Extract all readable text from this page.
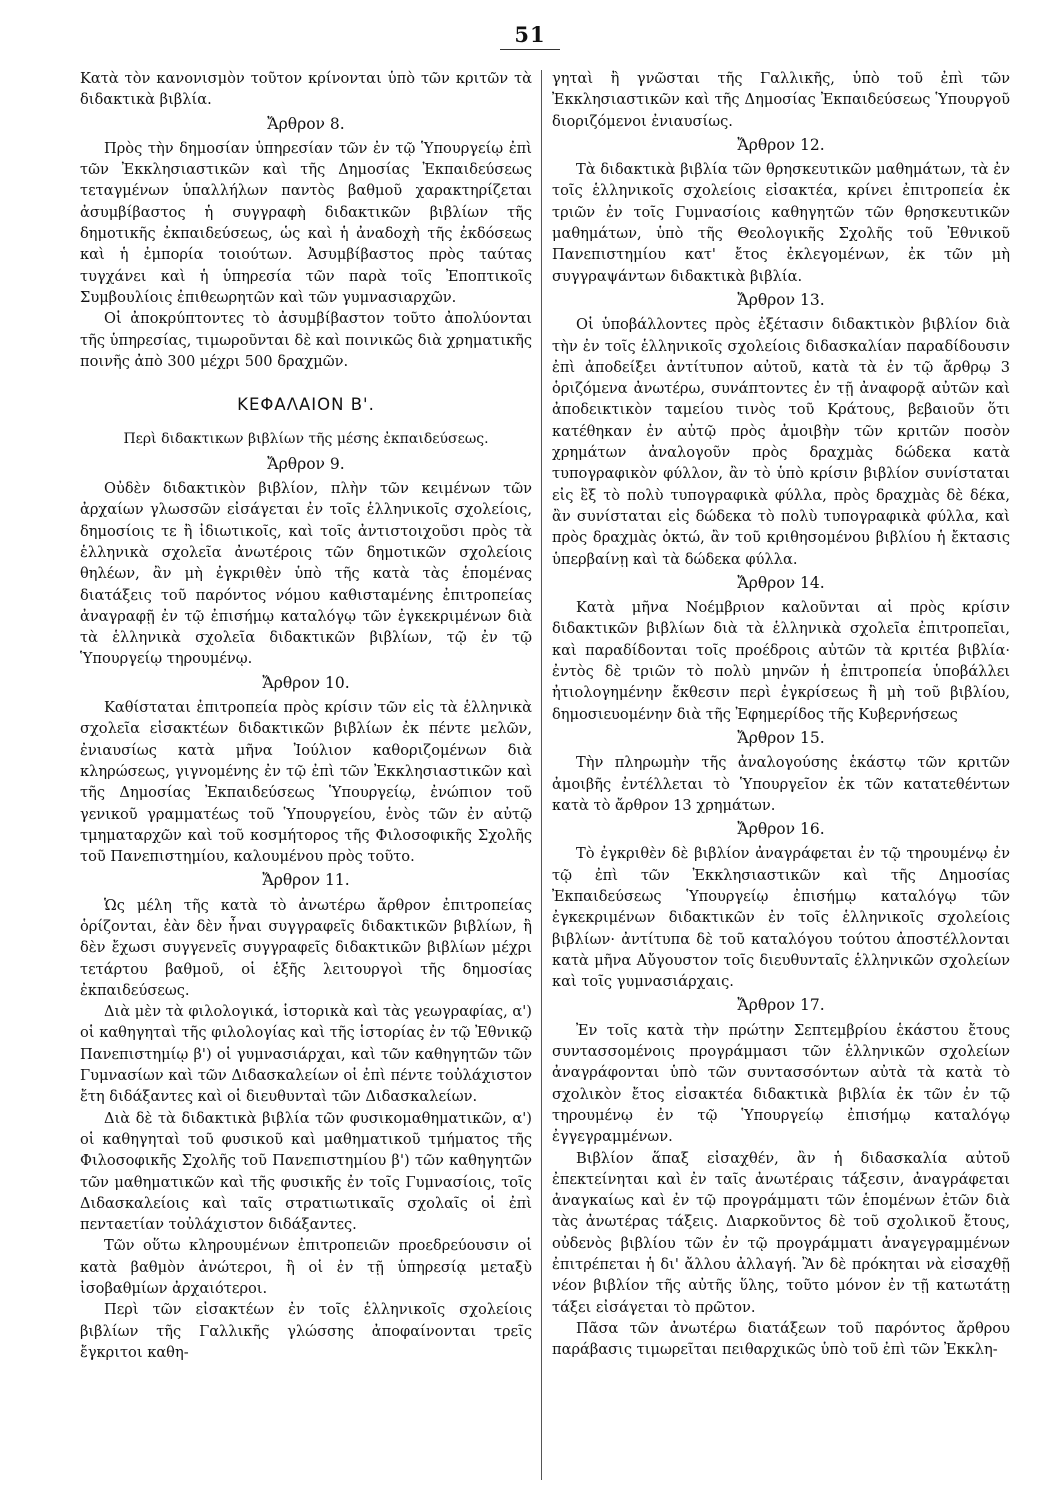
51

Κατὰ τὸν κανονισμὸν τοῦτον κρίνονται ὑπὸ τῶν κριτῶν τὰ διδακτικὰ βιβλία.

Ἄρθρον 8.

Πρὸς τὴν δημοσίαν ὑπηρεσίαν τῶν ἐν τῷ Ὑπουργείῳ ἐπὶ τῶν Ἐκκλησιαστικῶν καὶ τῆς Δημοσίας Ἐκπαιδεύσεως τεταγμένων ὑπαλλήλων παντὸς βαθμοῦ χαρακτηρίζεται ἀσυμβίβαστος ἡ συγγραφὴ διδακτικῶν βιβλίων τῆς δημοτικῆς ἐκπαιδεύσεως, ὡς καὶ ἡ ἀναδοχὴ τῆς ἐκδόσεως καὶ ἡ ἐμπορία τοιούτων. Ἀσυμβίβαστος πρὸς ταύτας τυγχάνει καὶ ἡ ὑπηρεσία τῶν παρὰ τοῖς Ἐποπτικοῖς Συμβουλίοις ἐπιθεωρητῶν καὶ τῶν γυμνασιαρχῶν.

Οἱ ἀποκρύπτοντες τὸ ἀσυμβίβαστον τοῦτο ἀπολύονται τῆς ὑπηρεσίας, τιμωροῦνται δὲ καὶ ποινικῶς διὰ χρηματικῆς ποινῆς ἀπὸ 300 μέχρι 500 δραχμῶν.

ΚΕΦΑΛΑΙΟΝ Β'.
Περὶ διδακτικων βιβλίων τῆς μέσης ἐκπαιδεύσεως.
Ἄρθρον 9.

Οὐδὲν διδακτικὸν βιβλίον, πλὴν τῶν κειμένων τῶν ἀρχαίων γλωσσῶν εἰσάγεται ἐν τοῖς ἑλληνικοῖς σχολείοις, δημοσίοις τε ἢ ἰδιωτικοῖς, καὶ τοῖς ἀντιστοιχοῦσι πρὸς τὰ ἑλληνικὰ σχολεῖα ἀνωτέροις τῶν δημοτικῶν σχολείοις θηλέων, ἂν μὴ ἐγκριθὲν ὑπὸ τῆς κατὰ τὰς ἑπομένας διατάξεις τοῦ παρόντος νόμου καθισταμένης ἐπιτροπείας ἀναγραφῇ ἐν τῷ ἐπισήμῳ καταλόγῳ τῶν ἐγκεκριμένων διὰ τὰ ἑλληνικὰ σχολεῖα διδακτικῶν βιβλίων, τῷ ἐν τῷ Ὑπουργείῳ τηρουμένῳ.

Ἄρθρον 10.

Καθίσταται ἐπιτροπεία πρὸς κρίσιν τῶν εἰς τὰ ἑλληνικὰ σχολεῖα εἰσακτέων διδακτικῶν βιβλίων ἐκ πέντε μελῶν, ἐνιαυσίως κατὰ μῆνα Ἰούλιον καθοριζομένων διὰ κληρώσεως, γιγνομένης ἐν τῷ ἐπὶ τῶν Ἐκκλησιαστικῶν καὶ τῆς Δημοσίας Ἐκπαιδεύσεως Ὑπουργείῳ, ἐνώπιον τοῦ γενικοῦ γραμματέως τοῦ Ὑπουργείου, ἑνὸς τῶν ἐν αὐτῷ τμηματαρχῶν καὶ τοῦ κοσμήτορος τῆς Φιλοσοφικῆς Σχολῆς τοῦ Πανεπιστημίου, καλουμένου πρὸς τοῦτο.

Ἄρθρον 11.

Ὡς μέλη τῆς κατὰ τὸ ἀνωτέρω ἄρθρον ἐπιτροπείας ὁρίζονται, ἐὰν δὲν ἦναι συγγραφεῖς διδακτικῶν βιβλίων, ἢ δὲν ἔχωσι συγγενεῖς συγγραφεῖς διδακτικῶν βιβλίων μέχρι τετάρτου βαθμοῦ, οἱ ἑξῆς λειτουργοὶ τῆς δημοσίας ἐκπαιδεύσεως.

Διὰ μὲν τὰ φιλολογικά, ἱστορικὰ καὶ τὰς γεωγραφίας, α') οἱ καθηγηταὶ τῆς φιλολογίας καὶ τῆς ἱστορίας ἐν τῷ Ἐθνικῷ Πανεπιστημίῳ β') οἱ γυμνασιάρχαι, καὶ τῶν καθηγητῶν τῶν Γυμνασίων καὶ τῶν Διδασκαλείων οἱ ἐπὶ πέντε τοὐλάχιστον ἔτη διδάξαντες καὶ οἱ διευθυνταὶ τῶν Διδασκαλείων.

Διὰ δὲ τὰ διδακτικὰ βιβλία τῶν φυσικομαθηματικῶν, α') οἱ καθηγηταὶ τοῦ φυσικοῦ καὶ μαθηματικοῦ τμήματος τῆς Φιλοσοφικῆς Σχολῆς τοῦ Πανεπιστημίου β') τῶν καθηγητῶν τῶν μαθηματικῶν καὶ τῆς φυσικῆς ἐν τοῖς Γυμνασίοις, τοῖς Διδασκαλείοις καὶ ταῖς στρατιωτικαῖς σχολαῖς οἱ ἐπὶ πενταετίαν τοὐλάχιστον διδάξαντες.

Τῶν οὕτω κληρουμένων ἐπιτροπειῶν προεδρεύουσιν οἱ κατὰ βαθμὸν ἀνώτεροι, ἢ οἱ ἐν τῇ ὑπηρεσίᾳ μεταξὺ ἰσοβαθμίων ἀρχαιότεροι.

Περὶ τῶν εἰσακτέων ἐν τοῖς ἑλληνικοῖς σχολείοις βιβλίων τῆς Γαλλικῆς γλώσσης ἀποφαίνονται τρεῖς ἔγκριτοι καθη-

γηταὶ ἢ γνῶσται τῆς Γαλλικῆς, ὑπὸ τοῦ ἐπὶ τῶν Ἐκκλησιαστικῶν καὶ τῆς Δημοσίας Ἐκπαιδεύσεως Ὑπουργοῦ διοριζόμενοι ἐνιαυσίως.

Ἄρθρον 12.

Τὰ διδακτικὰ βιβλία τῶν θρησκευτικῶν μαθημάτων, τὰ ἐν τοῖς ἑλληνικοῖς σχολείοις εἰσακτέα, κρίνει ἐπιτροπεία ἐκ τριῶν ἐν τοῖς Γυμνασίοις καθηγητῶν τῶν θρησκευτικῶν μαθημάτων, ὑπὸ τῆς Θεολογικῆς Σχολῆς τοῦ Ἐθνικοῦ Πανεπιστημίου κατ' ἔτος ἐκλεγομένων, ἐκ τῶν μὴ συγγραψάντων διδακτικὰ βιβλία.

Ἄρθρον 13.

Οἱ ὑποβάλλοντες πρὸς ἐξέτασιν διδακτικὸν βιβλίον διὰ τὴν ἐν τοῖς ἑλληνικοῖς σχολείοις διδασκαλίαν παραδίδουσιν ἐπὶ ἀποδείξει ἀντίτυπον αὐτοῦ, κατὰ τὰ ἐν τῷ ἄρθρῳ 3 ὁριζόμενα ἀνωτέρω, συνάπτοντες ἐν τῇ ἀναφορᾷ αὐτῶν καὶ ἀποδεικτικὸν ταμείου τινὸς τοῦ Κράτους, βεβαιοῦν ὅτι κατέθηκαν ἐν αὐτῷ πρὸς ἀμοιβὴν τῶν κριτῶν ποσὸν χρημάτων ἀναλογοῦν πρὸς δραχμὰς δώδεκα κατὰ τυπογραφικὸν φύλλον, ἂν τὸ ὑπὸ κρίσιν βιβλίον συνίσταται εἰς ἓξ τὸ πολὺ τυπογραφικὰ φύλλα, πρὸς δραχμὰς δὲ δέκα, ἂν συνίσταται εἰς δώδεκα τὸ πολὺ τυπογραφικὰ φύλλα, καὶ πρὸς δραχμὰς ὀκτώ, ἂν τοῦ κριθησομένου βιβλίου ἡ ἔκτασις ὑπερβαίνῃ καὶ τὰ δώδεκα φύλλα.

Ἄρθρον 14.

Κατὰ μῆνα Νοέμβριον καλοῦνται αἱ πρὸς κρίσιν διδακτικῶν βιβλίων διὰ τὰ ἑλληνικὰ σχολεῖα ἐπιτροπεῖαι, καὶ παραδίδονται τοῖς προέδροις αὐτῶν τὰ κριτέα βιβλία· ἐντὸς δὲ τριῶν τὸ πολὺ μηνῶν ἡ ἐπιτροπεία ὑποβάλλει ἠτιολογημένην ἔκθεσιν περὶ ἐγκρίσεως ἢ μὴ τοῦ βιβλίου, δημοσιευομένην διὰ τῆς Ἐφημερίδος τῆς Κυβερνήσεως

Ἄρθρον 15.

Τὴν πληρωμὴν τῆς ἀναλογούσης ἑκάστῳ τῶν κριτῶν ἀμοιβῆς ἐντέλλεται τὸ Ὑπουργεῖον ἐκ τῶν κατατεθέντων κατὰ τὸ ἄρθρον 13 χρημάτων.

Ἄρθρον 16.

Τὸ ἐγκριθὲν δὲ βιβλίον ἀναγράφεται ἐν τῷ τηρουμένῳ ἐν τῷ ἐπὶ τῶν Ἐκκλησιαστικῶν καὶ τῆς Δημοσίας Ἐκπαιδεύσεως Ὑπουργείῳ ἐπισήμῳ καταλόγῳ τῶν ἐγκεκριμένων διδακτικῶν ἐν τοῖς ἑλληνικοῖς σχολείοις βιβλίων· ἀντίτυπα δὲ τοῦ καταλόγου τούτου ἀποστέλλονται κατὰ μῆνα Αὔγουστον τοῖς διευθυνταῖς ἑλληνικῶν σχολείων καὶ τοῖς γυμνασιάρχαις.

Ἄρθρον 17.

Ἐν τοῖς κατὰ τὴν πρώτην Σεπτεμβρίου ἑκάστου ἔτους συντασσομένοις προγράμμασι τῶν ἑλληνικῶν σχολείων ἀναγράφονται ὑπὸ τῶν συντασσόντων αὐτὰ τὰ κατὰ τὸ σχολικὸν ἔτος εἰσακτέα διδακτικὰ βιβλία ἐκ τῶν ἐν τῷ τηρουμένῳ ἐν τῷ Ὑπουργείῳ ἐπισήμῳ καταλόγῳ ἐγγεγραμμένων.

Βιβλίον ἅπαξ εἰσαχθέν, ἂν ἡ διδασκαλία αὐτοῦ ἐπεκτείνηται καὶ ἐν ταῖς ἀνωτέραις τάξεσιν, ἀναγράφεται ἀναγκαίως καὶ ἐν τῷ προγράμματι τῶν ἑπομένων ἐτῶν διὰ τὰς ἀνωτέρας τάξεις. Διαρκοῦντος δὲ τοῦ σχολικοῦ ἔτους, οὐδενὸς βιβλίου τῶν ἐν τῷ προγράμματι ἀναγεγραμμένων ἐπιτρέπεται ἡ δι' ἄλλου ἀλλαγή. Ἂν δὲ πρόκηται νὰ εἰσαχθῇ νέον βιβλίον τῆς αὐτῆς ὕλης, τοῦτο μόνον ἐν τῇ κατωτάτῃ τάξει εἰσάγεται τὸ πρῶτον.

Πᾶσα τῶν ἀνωτέρω διατάξεων τοῦ παρόντος ἄρθρου παράβασις τιμωρεῖται πειθαρχικῶς ὑπὸ τοῦ ἐπὶ τῶν Ἐκκλη-
